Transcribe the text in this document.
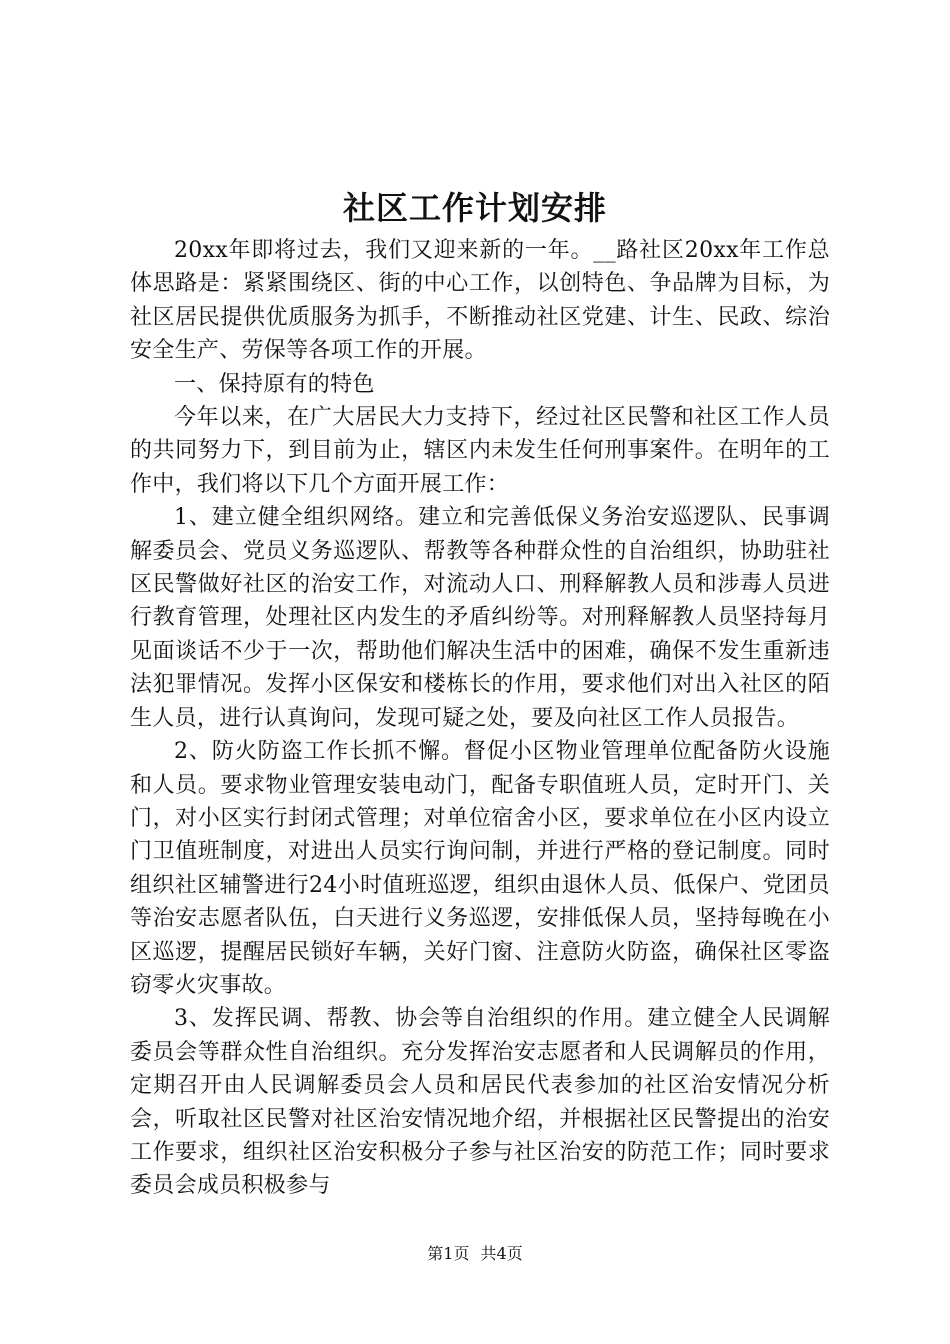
社区工作计划安排

20xx年即将过去，我们又迎来新的一年。__路社区20xx年工作总体思路是：紧紧围绕区、街的中心工作，以创特色、争品牌为目标，为社区居民提供优质服务为抓手，不断推动社区党建、计生、民政、综治安全生产、劳保等各项工作的开展。

一、保持原有的特色

今年以来，在广大居民大力支持下，经过社区民警和社区工作人员的共同努力下，到目前为止，辖区内未发生任何刑事案件。在明年的工作中，我们将以下几个方面开展工作：

1、建立健全组织网络。建立和完善低保义务治安巡逻队、民事调解委员会、党员义务巡逻队、帮教等各种群众性的自治组织，协助驻社区民警做好社区的治安工作，对流动人口、刑释解教人员和涉毒人员进行教育管理，处理社区内发生的矛盾纠纷等。对刑释解教人员坚持每月见面谈话不少于一次，帮助他们解决生活中的困难，确保不发生重新违法犯罪情况。发挥小区保安和楼栋长的作用，要求他们对出入社区的陌生人员，进行认真询问，发现可疑之处，要及向社区工作人员报告。

2、防火防盗工作长抓不懈。督促小区物业管理单位配备防火设施和人员。要求物业管理安装电动门，配备专职值班人员，定时开门、关门，对小区实行封闭式管理；对单位宿舍小区，要求单位在小区内设立门卫值班制度，对进出人员实行询问制，并进行严格的登记制度。同时组织社区辅警进行24小时值班巡逻，组织由退休人员、低保户、党团员等治安志愿者队伍，白天进行义务巡逻，安排低保人员，坚持每晚在小区巡逻，提醒居民锁好车辆，关好门窗、注意防火防盗，确保社区零盗窃零火灾事故。

3、发挥民调、帮教、协会等自治组织的作用。建立健全人民调解委员会等群众性自治组织。充分发挥治安志愿者和人民调解员的作用，定期召开由人民调解委员会人员和居民代表参加的社区治安情况分析会，听取社区民警对社区治安情况地介绍，并根据社区民警提出的治安工作要求，组织社区治安积极分子参与社区治安的防范工作；同时要求委员会成员积极参与

第1页 共4页
